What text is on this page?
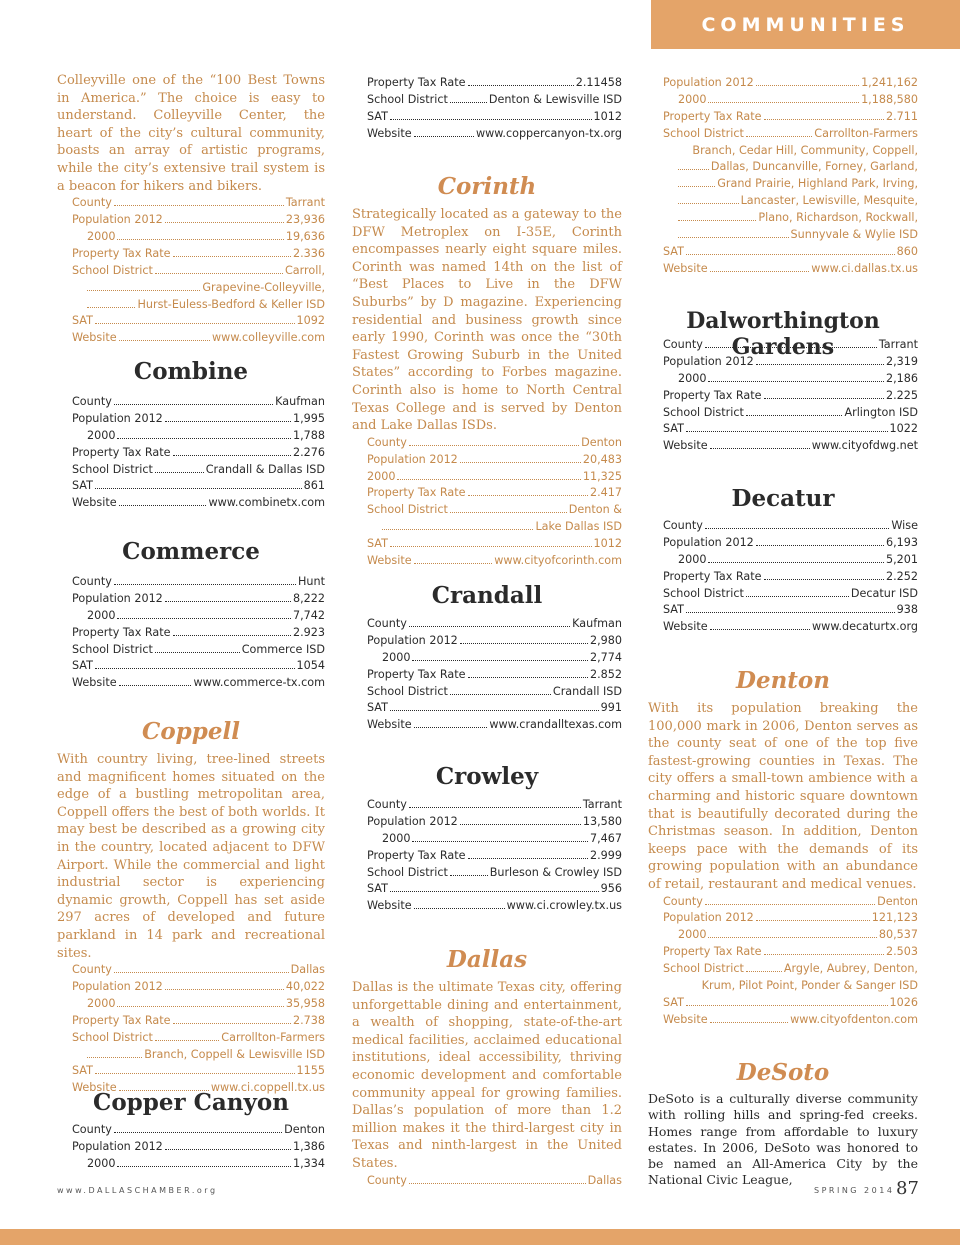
COMMUNITIES

Colleyville one of the “100 Best Towns in America.” The choice is easy to understand. Colleyville Center, the heart of the city’s cultural community, boasts an array of artistic programs, while the city’s extensive trail system is a beacon for hikers and bikers.

County	Tarrant
Population 2012	23,936
2000	19,636
Property Tax Rate	2.336
School District	Carroll,
Grapevine-Colleyville,
Hurst-Euless-Bedford & Keller ISD
SAT	1092
Website	www.colleyville.com
Combine
County	Kaufman
Population 2012	1,995
2000	1,788
Property Tax Rate	2.276
School District	Crandall & Dallas ISD
SAT	861
Website	www.combinetx.com
Commerce
County	Hunt
Population 2012	8,222
2000	7,742
Property Tax Rate	2.923
School District	Commerce ISD
SAT	1054
Website	www.commerce-tx.com
Coppell

With country living, tree-lined streets and magnificent homes situated on the edge of a bustling metropolitan area, Coppell offers the best of both worlds. It may best be described as a growing city in the country, located adjacent to DFW Airport. While the commercial and light industrial sector is experiencing dynamic growth, Coppell has set aside 297 acres of developed and future parkland in 14 park and recreational sites.

County	Dallas
Population 2012	40,022
2000	35,958
Property Tax Rate	2.738
School District	Carrollton-Farmers
Branch, Coppell & Lewisville ISD
SAT	1155
Website	www.ci.coppell.tx.us
Copper Canyon
County	Denton
Population 2012	1,386
2000	1,334
Property Tax Rate	2.11458
School District	Denton & Lewisville ISD
SAT	1012
Website	www.coppercanyon-tx.org
Corinth

Strategically located as a gateway to the DFW Metroplex on I-35E, Corinth encompasses nearly eight square miles. Corinth was named 14th on the list of “Best Places to Live in the DFW Suburbs” by D magazine. Experiencing residential and business growth since early 1990, Corinth was once the “30th Fastest Growing Suburb in the United States” according to Forbes magazine. Corinth also is home to North Central Texas College and is served by Denton and Lake Dallas ISDs.

County	Denton
Population 2012	20,483
2000	11,325
Property Tax Rate	2.417
School District	Denton &
Lake Dallas ISD
SAT	1012
Website	www.cityofcorinth.com
Crandall
County	Kaufman
Population 2012	2,980
2000	2,774
Property Tax Rate	2.852
School District	Crandall ISD
SAT	991
Website	www.crandalltexas.com
Crowley
County	Tarrant
Population 2012	13,580
2000	7,467
Property Tax Rate	2.999
School District	Burleson & Crowley ISD
SAT	956
Website	www.ci.crowley.tx.us
Dallas

Dallas is the ultimate Texas city, offering unforgettable dining and entertainment, a wealth of shopping, state-of-the-art medical facilities, acclaimed educational institutions, ideal accessibility, thriving economic development and comfortable community appeal for growing families. Dallas’s population of more than 1.2 million makes it the third-largest city in Texas and ninth-largest in the United States.

County	Dallas
Population 2012	1,241,162
2000	1,188,580
Property Tax Rate	2.711
School District	Carrollton-Farmers
Branch, Cedar Hill, Community, Coppell,
Dallas, Duncanville, Forney, Garland,
Grand Prairie, Highland Park, Irving,
Lancaster, Lewisville, Mesquite,
Plano, Richardson, Rockwall,
Sunnyvale & Wylie ISD
SAT	860
Website	www.ci.dallas.tx.us
Dalworthington Gardens
County	Tarrant
Population 2012	2,319
2000	2,186
Property Tax Rate	2.225
School District	Arlington ISD
SAT	1022
Website	www.cityofdwg.net
Decatur
County	Wise
Population 2012	6,193
2000	5,201
Property Tax Rate	2.252
School District	Decatur ISD
SAT	938
Website	www.decaturtx.org
Denton

With its population breaking the 100,000 mark in 2006, Denton serves as the county seat of one of the top five fastest-growing counties in Texas. The city offers a small-town ambience with a charming and historic square downtown that is beautifully decorated during the Christmas season. In addition, Denton keeps pace with the demands of its growing population with an abundance of retail, restaurant and medical venues.

County	Denton
Population 2012	121,123
2000	80,537
Property Tax Rate	2.503
School District	Argyle, Aubrey, Denton,
Krum, Pilot Point, Ponder & Sanger ISD
SAT	1026
Website	www.cityofdenton.com
DeSoto

DeSoto is a culturally diverse community with rolling hills and spring-fed creeks. Homes range from affordable to luxury estates. In 2006, DeSoto was honored to be named an All-America City by the National Civic League,

www.DALLASCHAMBER.org	SPRING 2014 87
